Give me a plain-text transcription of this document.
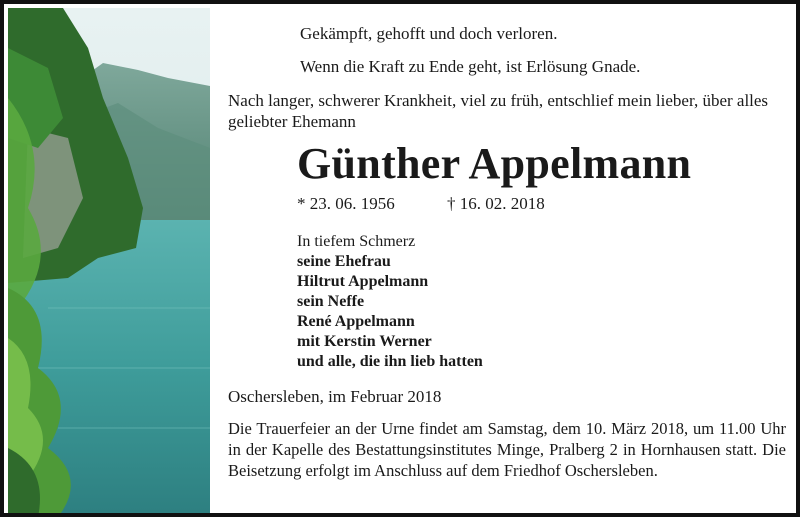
Gekämpft, gehofft und doch verloren.
Wenn die Kraft zu Ende geht, ist Erlösung Gnade.
Nach langer, schwerer Krankheit, viel zu früh, entschlief mein lieber, über alles geliebter Ehemann
Günther Appelmann
* 23. 06. 1956	† 16. 02. 2018
In tiefem Schmerz
seine Ehefrau
Hiltrut Appelmann
sein Neffe
René Appelmann
mit Kerstin Werner
und alle, die ihn lieb hatten
Oschersleben, im Februar 2018
Die Trauerfeier an der Urne findet am Samstag, dem 10. März 2018, um 11.00 Uhr in der Kapelle des Bestattungsinstitutes Minge, Pralberg 2 in Hornhausen statt. Die Beisetzung erfolgt im Anschluss auf dem Friedhof Oschersleben.
